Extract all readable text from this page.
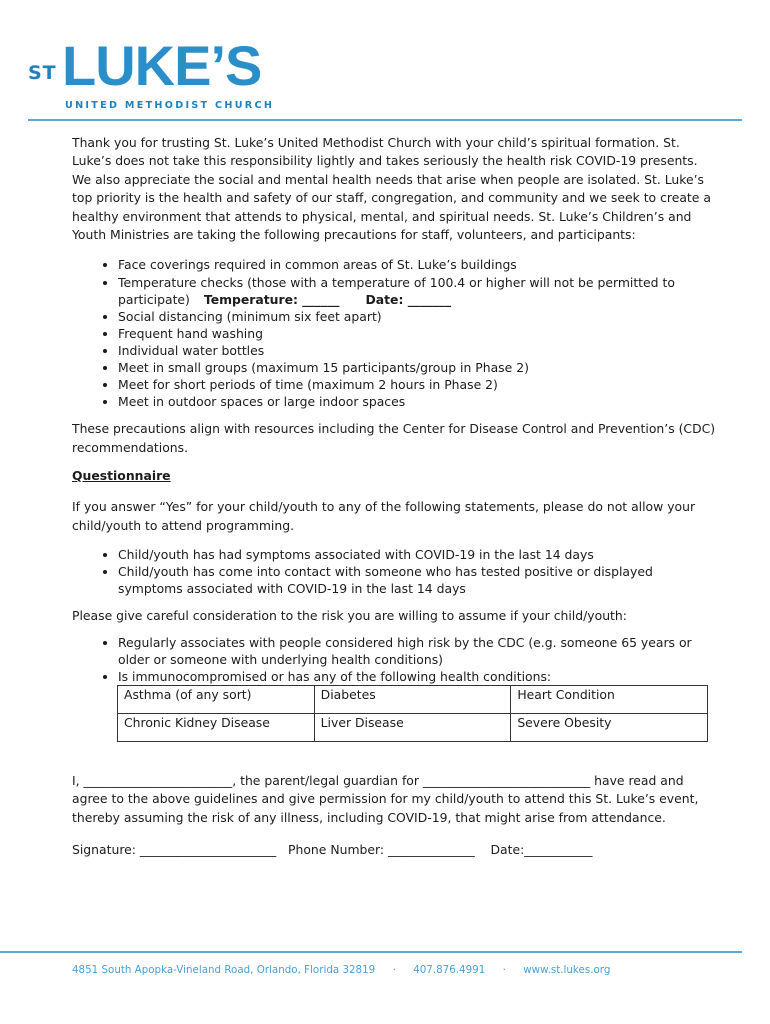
ST LUKE’S
UNITED METHODIST CHURCH

Thank you for trusting St. Luke’s United Methodist Church with your child’s spiritual formation. St. Luke’s does not take this responsibility lightly and takes seriously the health risk COVID-19 presents. We also appreciate the social and mental health needs that arise when people are isolated. St. Luke’s top priority is the health and safety of our staff, congregation, and community and we seek to create a healthy environment that attends to physical, mental, and spiritual needs. St. Luke’s Children’s and Youth Ministries are taking the following precautions for staff, volunteers, and participants:

• Face coverings required in common areas of St. Luke’s buildings
• Temperature checks (those with a temperature of 100.4 or higher will not be permitted to participate) Temperature: ______ Date: _______
• Social distancing (minimum six feet apart)
• Frequent hand washing
• Individual water bottles
• Meet in small groups (maximum 15 participants/group in Phase 2)
• Meet for short periods of time (maximum 2 hours in Phase 2)
• Meet in outdoor spaces or large indoor spaces

These precautions align with resources including the Center for Disease Control and Prevention’s (CDC) recommendations.

Questionnaire

If you answer “Yes” for your child/youth to any of the following statements, please do not allow your child/youth to attend programming.

• Child/youth has had symptoms associated with COVID-19 in the last 14 days
• Child/youth has come into contact with someone who has tested positive or displayed symptoms associated with COVID-19 in the last 14 days

Please give careful consideration to the risk you are willing to assume if your child/youth:

• Regularly associates with people considered high risk by the CDC (e.g. someone 65 years or older or someone with underlying health conditions)
• Is immunocompromised or has any of the following health conditions:
Asthma (of any sort)	Diabetes	Heart Condition
Chronic Kidney Disease	Liver Disease	Severe Obesity

I, ________________________, the parent/legal guardian for ___________________________ have read and agree to the above guidelines and give permission for my child/youth to attend this St. Luke’s event, thereby assuming the risk of any illness, including COVID-19, that might arise from attendance.

Signature: ______________________ Phone Number: ______________ Date:___________

4851 South Apopka-Vineland Road, Orlando, Florida 32819 · 407.876.4991 · www.st.lukes.org
